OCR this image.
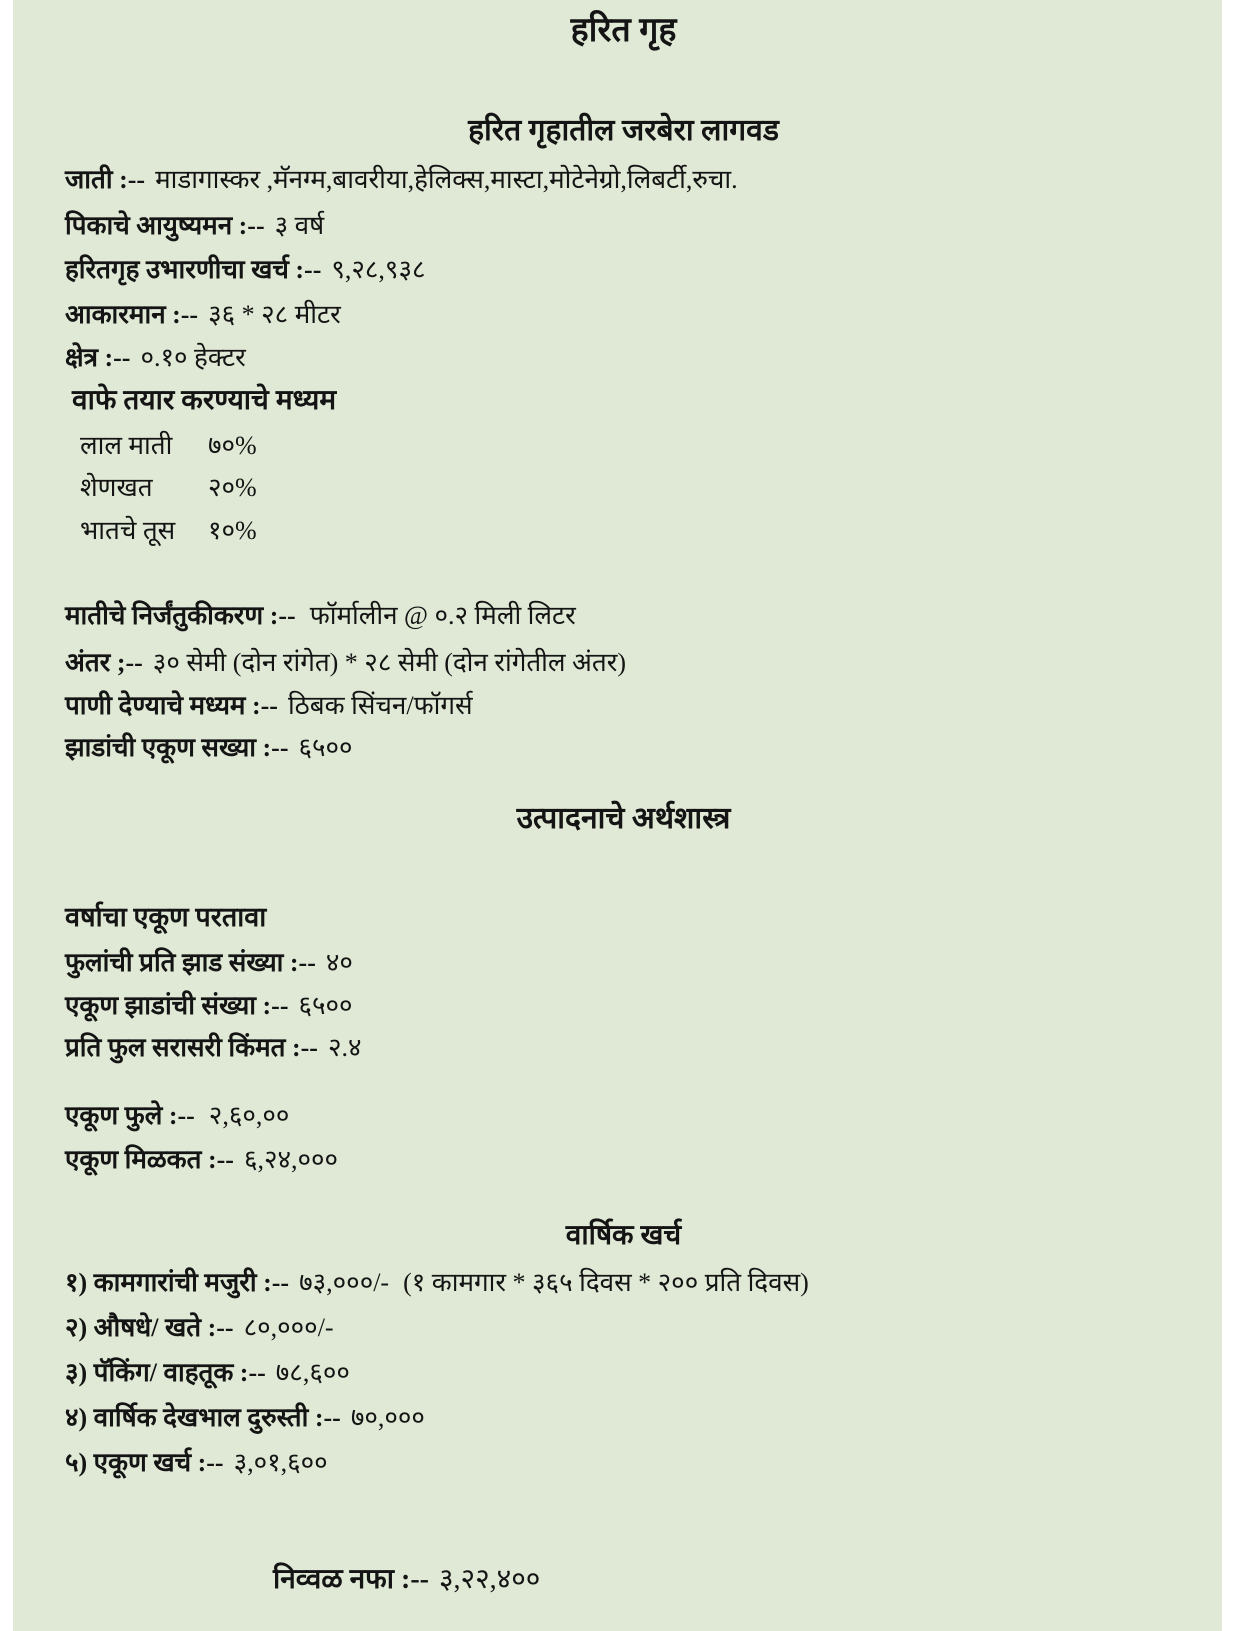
हरित गृह
हरित गृहातील जरबेरा लागवड

जाती :-- माडागास्कर ,मॅनग्म,बावरीया,हेलिक्स,मास्टा,मोटेनेग्रो,लिबर्टी,रुचा.

पिकाचे आयुष्यमन :-- ३ वर्ष

हरितगृह उभारणीचा खर्च :-- ९,२८,९३८

आकारमान :-- ३६ * २८ मीटर

क्षेत्र :-- ०.१० हेक्टर

वाफे तयार करण्याचे मध्यम

लाल माती ७०%

शेणखत २०%

भातचे तूस १०%

मातीचे निर्जंतुकीकरण :-- फॉर्मालीन @ ०.२ मिली लिटर

अंतर ;-- ३० सेमी (दोन रांगेत) * २८ सेमी (दोन रांगेतील अंतर)

पाणी देण्याचे मध्यम :-- ठिबक सिंचन/फॉगर्स

झाडांची एकूण सख्या :-- ६५००

उत्पादनाचे अर्थशास्त्र

वर्षाचा एकूण परतावा

फुलांची प्रति झाड संख्या :-- ४०

एकूण झाडांची संख्या :-- ६५००

प्रति फुल सरासरी किंमत :-- २.४

एकूण फुले :-- २,६०,००

एकूण मिळकत :-- ६,२४,०००

वार्षिक खर्च

१) कामगारांची मजुरी :-- ७३,०००/- (१ कामगार * ३६५ दिवस * २०० प्रति दिवस)

२) औषधे/ खते :-- ८०,०००/-

३) पॅकिंग/ वाहतूक :-- ७८,६००

४) वार्षिक देखभाल दुरुस्ती :-- ७०,०००

५) एकूण खर्च :-- ३,०१,६००

निव्वळ नफा :-- ३,२२,४००
